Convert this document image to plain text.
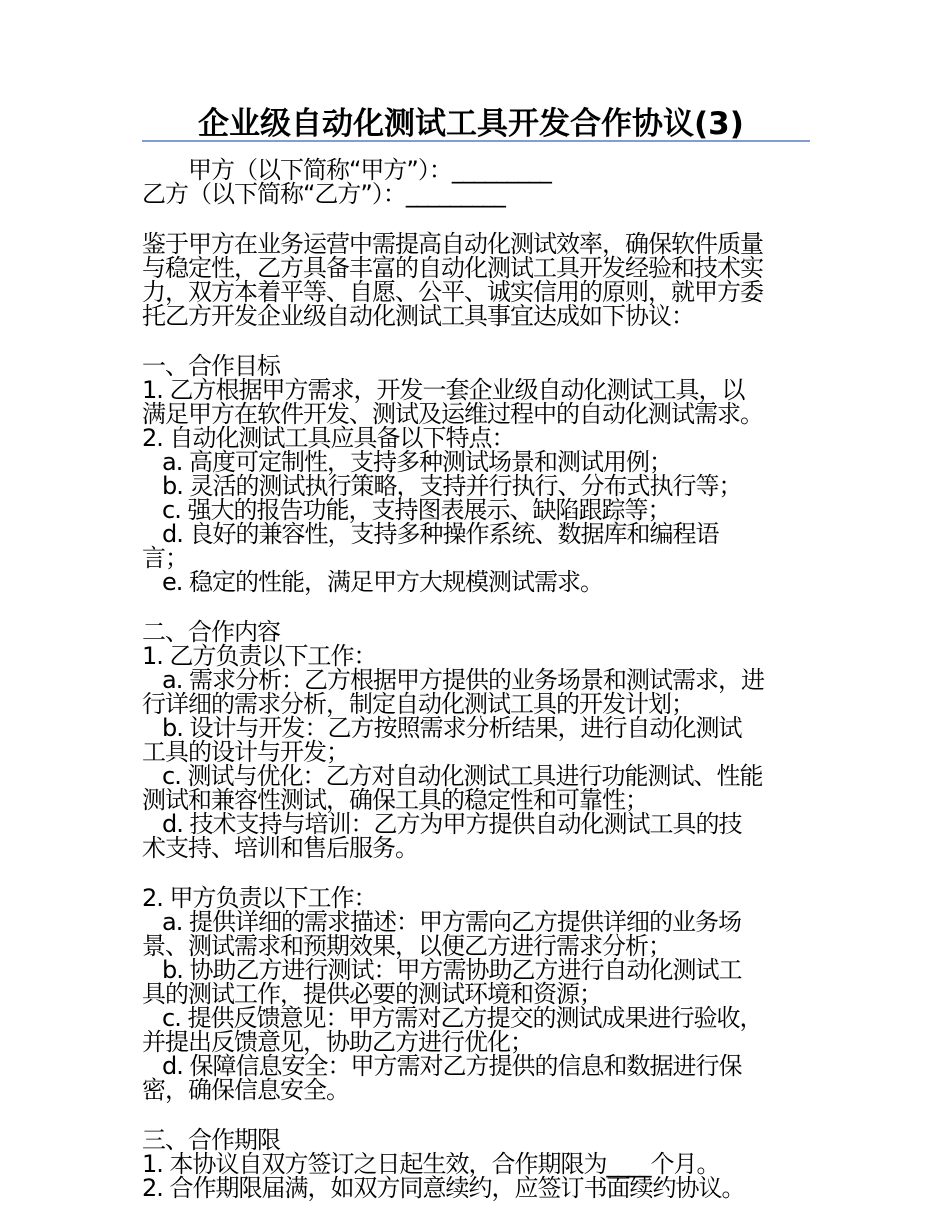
企业级自动化测试工具开发合作协议(3)
甲方（以下简称“甲方”）：_________
乙方（以下简称“乙方”）：_________
鉴于甲方在业务运营中需提高自动化测试效率，确保软件质量
与稳定性，乙方具备丰富的自动化测试工具开发经验和技术实
力，双方本着平等、自愿、公平、诚实信用的原则，就甲方委
托乙方开发企业级自动化测试工具事宜达成如下协议：
一、合作目标
1. 乙方根据甲方需求，开发一套企业级自动化测试工具，以
满足甲方在软件开发、测试及运维过程中的自动化测试需求。
2. 自动化测试工具应具备以下特点：
a. 高度可定制性，支持多种测试场景和测试用例；
b. 灵活的测试执行策略，支持并行执行、分布式执行等；
c. 强大的报告功能，支持图表展示、缺陷跟踪等；
d. 良好的兼容性，支持多种操作系统、数据库和编程语
言；
e. 稳定的性能，满足甲方大规模测试需求。
二、合作内容
1. 乙方负责以下工作：
a. 需求分析：乙方根据甲方提供的业务场景和测试需求，进
行详细的需求分析，制定自动化测试工具的开发计划；
b. 设计与开发：乙方按照需求分析结果，进行自动化测试
工具的设计与开发；
c. 测试与优化：乙方对自动化测试工具进行功能测试、性能
测试和兼容性测试，确保工具的稳定性和可靠性；
d. 技术支持与培训：乙方为甲方提供自动化测试工具的技
术支持、培训和售后服务。
2. 甲方负责以下工作：
a. 提供详细的需求描述：甲方需向乙方提供详细的业务场
景、测试需求和预期效果，以便乙方进行需求分析；
b. 协助乙方进行测试：甲方需协助乙方进行自动化测试工
具的测试工作，提供必要的测试环境和资源；
c. 提供反馈意见：甲方需对乙方提交的测试成果进行验收，
并提出反馈意见，协助乙方进行优化；
d. 保障信息安全：甲方需对乙方提供的信息和数据进行保
密，确保信息安全。
三、合作期限
1. 本协议自双方签订之日起生效，合作期限为____个月。
2. 合作期限届满，如双方同意续约，应签订书面续约协议。
